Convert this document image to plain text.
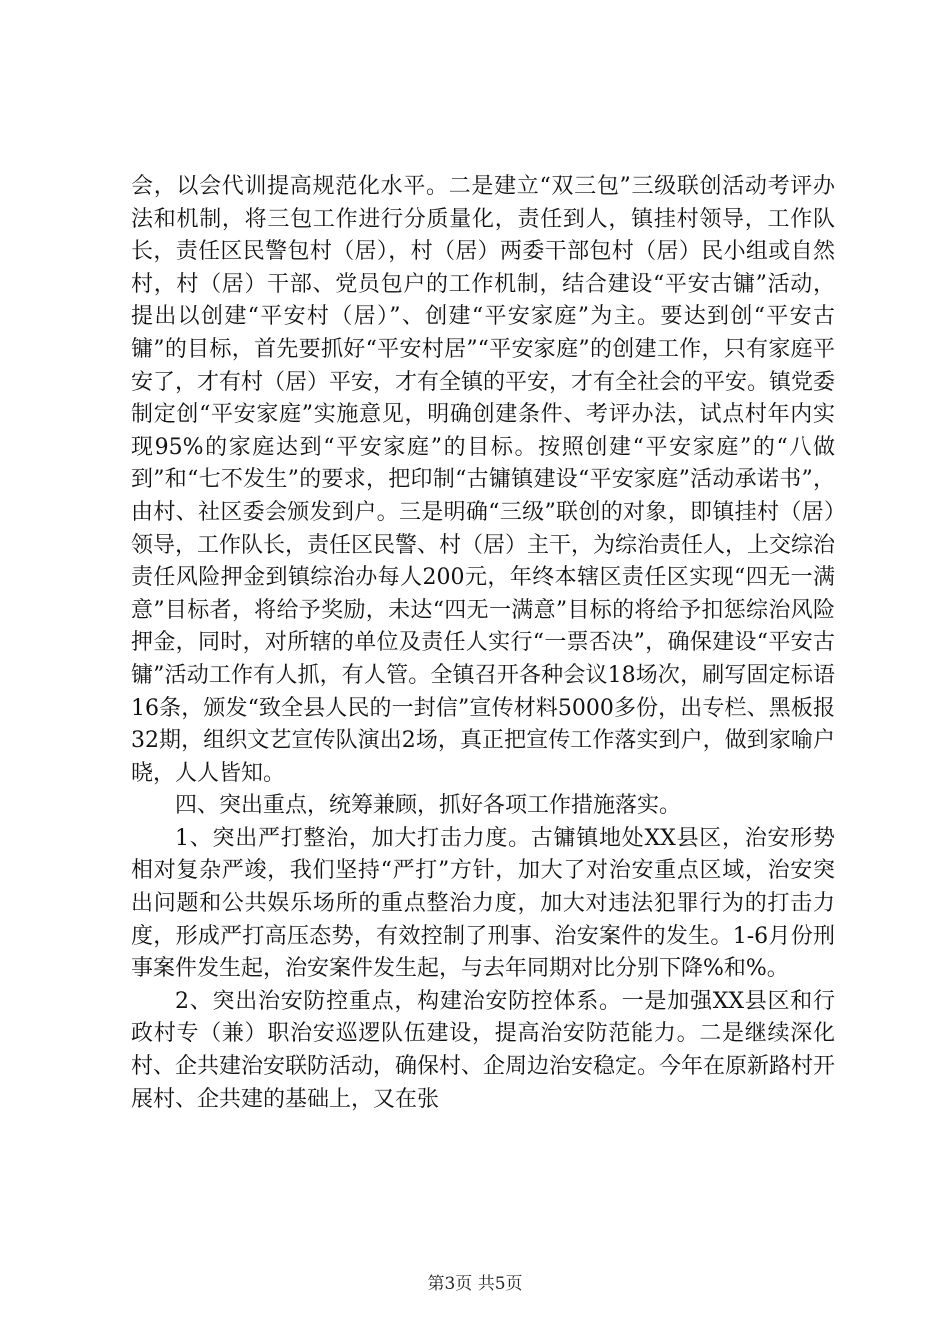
会，以会代训提高规范化水平。二是建立“双三包”三级联创活动考评办法和机制，将三包工作进行分质量化，责任到人，镇挂村领导，工作队长，责任区民警包村（居），村（居）两委干部包村（居）民小组或自然村，村（居）干部、党员包户的工作机制，结合建设“平安古镛”活动，提出以创建“平安村（居）”、创建“平安家庭”为主。要达到创“平安古镛”的目标，首先要抓好“平安村居”“平安家庭”的创建工作，只有家庭平安了，才有村（居）平安，才有全镇的平安，才有全社会的平安。镇党委制定创“平安家庭”实施意见，明确创建条件、考评办法，试点村年内实现95%的家庭达到“平安家庭”的目标。按照创建“平安家庭”的“八做到”和“七不发生”的要求，把印制“古镛镇建设“平安家庭”活动承诺书”，由村、社区委会颁发到户。三是明确“三级”联创的对象，即镇挂村（居）领导，工作队长，责任区民警、村（居）主干，为综治责任人，上交综治责任风险押金到镇综治办每人200元，年终本辖区责任区实现“四无一满意”目标者，将给予奖励，未达“四无一满意”目标的将给予扣惩综治风险押金，同时，对所辖的单位及责任人实行“一票否决”，确保建设“平安古镛”活动工作有人抓，有人管。全镇召开各种会议18场次，刷写固定标语16条，颁发“致全县人民的一封信”宣传材料5000多份，出专栏、黑板报32期，组织文艺宣传队演出2场，真正把宣传工作落实到户，做到家喻户晓，人人皆知。

四、突出重点，统筹兼顾，抓好各项工作措施落实。

1、突出严打整治，加大打击力度。古镛镇地处XX县区，治安形势相对复杂严竣，我们坚持“严打”方针，加大了对治安重点区域，治安突出问题和公共娱乐场所的重点整治力度，加大对违法犯罪行为的打击力度，形成严打高压态势，有效控制了刑事、治安案件的发生。1-6月份刑事案件发生起，治安案件发生起，与去年同期对比分别下降%和%。

2、突出治安防控重点，构建治安防控体系。一是加强XX县区和行政村专（兼）职治安巡逻队伍建设，提高治安防范能力。二是继续深化村、企共建治安联防活动，确保村、企周边治安稳定。今年在原新路村开展村、企共建的基础上，又在张

第3页 共5页
